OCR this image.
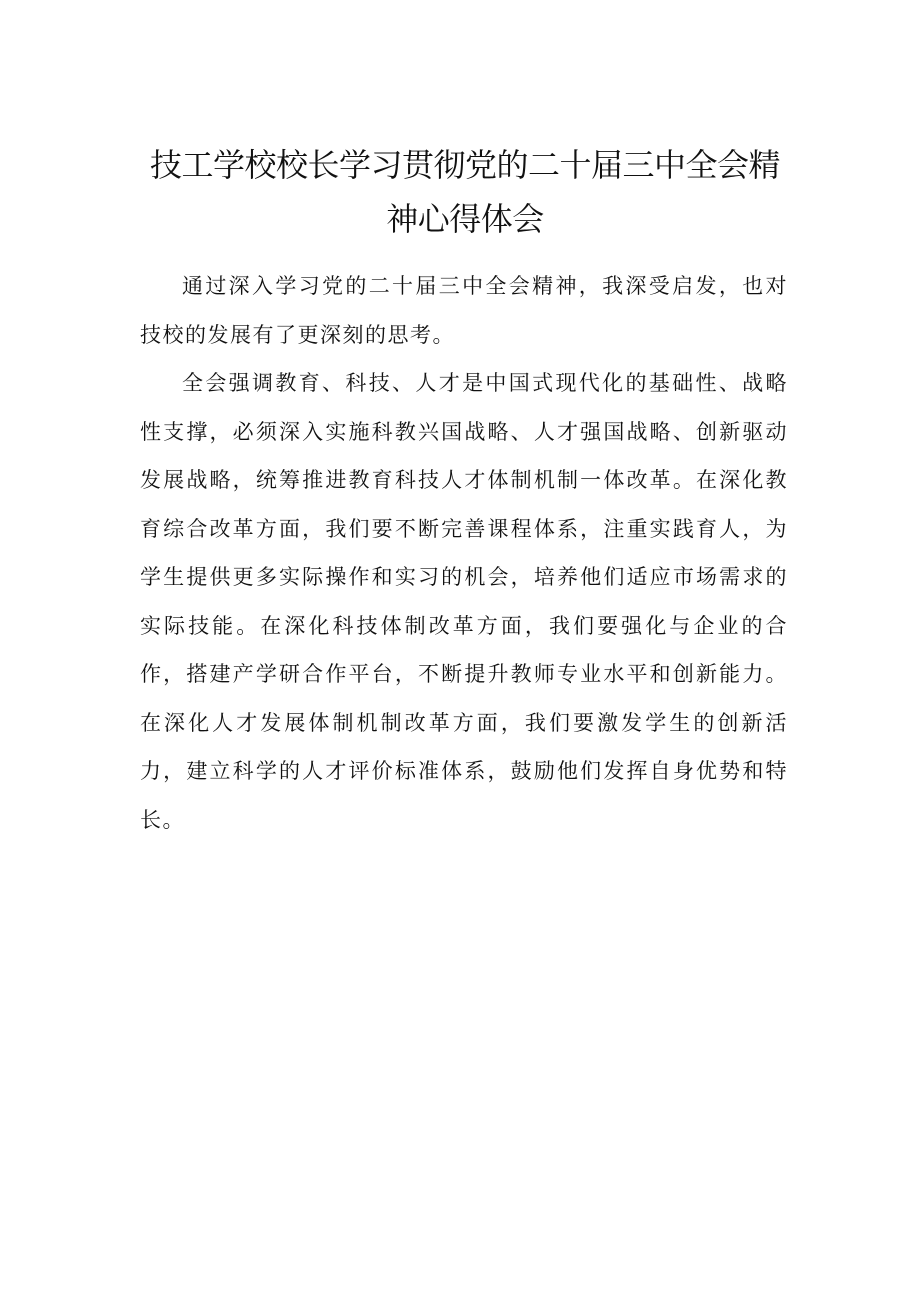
技工学校校长学习贯彻党的二十届三中全会精
神心得体会

通过深入学习党的二十届三中全会精神，我深受启发，也对技校的发展有了更深刻的思考。

全会强调教育、科技、人才是中国式现代化的基础性、战略性支撑，必须深入实施科教兴国战略、人才强国战略、创新驱动发展战略，统筹推进教育科技人才体制机制一体改革。在深化教育综合改革方面，我们要不断完善课程体系，注重实践育人，为学生提供更多实际操作和实习的机会，培养他们适应市场需求的实际技能。在深化科技体制改革方面，我们要强化与企业的合作，搭建产学研合作平台，不断提升教师专业水平和创新能力。在深化人才发展体制机制改革方面，我们要激发学生的创新活力，建立科学的人才评价标准体系，鼓励他们发挥自身优势和特长。
